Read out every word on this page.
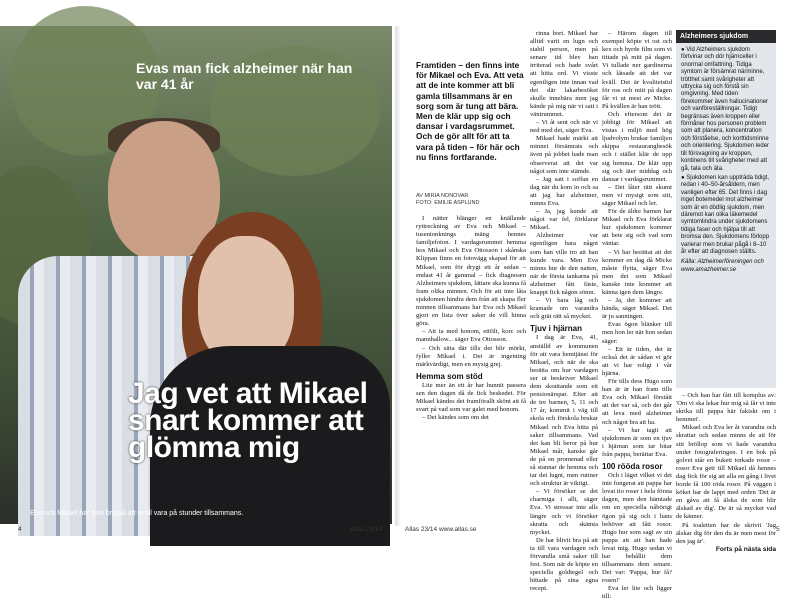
Evas man fick alzheimer när han var 41 år
Jag vet att Mikael snart kommer att glömma mig
Eva och Mikael har bivit bra på att ta till vara på stunder tillsammans.
AV MIRIA NONOVAR
FOTO: EMILIE ASPLUND
Framtiden – den finns inte för Mikael och Eva. Att veta att de inte kommer att bli gamla tillsammans är en sorg som är tung att bära. Men de klär upp sig och dansar i vardagsrummet. Och de gör allt för att ta vara på tiden – för här och nu finns fortfarande.

I nätter blänger en knällande ryttreckning av Eva och Mikael – tusentonknings mäng hennes familjefoton. I vardagsrummet hemma hos Mikael och Eva Ottosson i skånska Klippan finns en fotovägg skapad för att Mikael, som för drygt ett år sedan – endast 41 år gammal – fick diagnosen Alzheimers sjukdom, lättare ska kunna få fram olika minnen. Och för att inte låta sjukdomen hindra dem från att skapa fler minnen tillsammans har Eva och Mikael gjort en lista över saker de vill hinna göra.

– Att ta med honom, ettfilt, korc och mannhallow... säger Eva Ottosson.

– Och sitta där tills det blir mörkt, fyller Mikael i. Det är ingenting märkvärdigt, men en mysig grej.

Hemma som stöd

Lite mer än ett år har hunnit passera sen den dagen då de fick beskedet. För Mikael kändes det framförallt skönt att få svart på vad som var galet med honom.

– Det kändes som om det

rinna bort. Mikael har alltid varit en lugn och stabil person, men på senare tid blev han irriterad och hade svårt att hitta ord. Vi visste egentligen inte innan vad det där lakarbesöket skulle innebära men jag kände på mig när vi satt i väntrummet.

– Vi åt sent och när vi ned med det, säger Eva.

Mikael hade märkt att minnet försämrats och även på jobbet hade man observerat att det var något som inte stämde.

– Jag satt i soffan en dag när du kom in och sa att jag har alzheimer, minns Eva.

– Ja, jag kunde att något var fel, förklarar Mikael.

Alzheimer var egentligen bara något som han ville tro att han kunde vara. Men Eva minns hur de den natten, när de första tankarna på alzheimer fått fäste, knappt fick någon sömn.

– Vi bara låg och kramade om varandra och grät rätt så mycket.

Tjuv i hjärnan

I dag är Eva, 41, anställd av kommunen för att vara hemtjänst för Mikael, och när de ska berätta om hur vardagen ser ut beskriver Mikael dem skrattande som ett pensionärspar. Efter att de tre barnen, 5, 11 och 17 år, kommit i väg till skola och förskola brukar Mikael och Eva hitta på saker tillsammans. Vad det kan bli beror på hur Mikael mår, kanske går de på en promenad eller så stannar de hemma och tar det lugnt, men rutiner och struktur är viktigt.

– Vi försöker se det charmiga i allt, säger Eva. Vi stressar inte alls längre och vi försöker skratta och skämta mycket.

De har blivit bra på att ta till vara vardagen och förvandla små saker till fest. Som när de köpte en speciella goldtegel och hittade på sina egna recept.

– Härom dagen till exempel köpte vi ost och kex och hyrde film som vi tittade på mitt på dagen. Vi tullade ner gardinerna och låtsade att det var kväll. Det är kvalitetstid för oss och mitt på dagen får vi ut mest av Micke. På kvällen är han trött.

Och eftersom det är jobbigt för Mikael att vistas i miljö med hög ljudvolym brukar familjen skippa restaurangbesök och i stället klär de upp sig hemma. De klär upp sig och äter middag och dansar i vardagsrummet.

– Det låter rätt skumt men vi mysigt som sitt, säger Mikael och ler.

För de äldre barnen har Mikael och Eva förklarat hur sjukdomen kommer att bete sig och vad som väntar.

– Vi har berättat att det kommer en dag då Micke måste flytta, säger Eva men det som Mikael kanske inte kommer att känna igen dem längre.

– Ja, det kommer att hända, säger Mikael. Det är ju sanningen.

Evas ögon blänker till men hon ler när hon sedan säger:

– Ett är tiden, det är också det är sådan vi gör att vi har roligt i vår hjärna.

För tills dess Hugo som han är är han fram tills Eva och Mikael förstått att det var så, och det går att leva med alzheimer och något bra att ha.

– Vi har tagit att sjukdomen är som en tjuv i hjärnan som tar bitar från pappa, berättar Eva.

100 rööda rosor

Och i läget vilket vi det inte fungerat att pappa har lovat tio roser i hela första dagen, men den hämtade om en speciella nåbörigt ögon på sig och i hans behöver att fått rosor. Hugo hur som sagt av sin pappa att att han hade lovat mig. Hugo sedan vi har behållit dem tillsammans dem senare. Det var: 'Pappa, hur få? rosen!'

Eva ler lite och ligger till:

– Och han har fått till komplus av: 'Om vi ska lekar hur mig så får vi inte skrika till pappa här fakiskt om i hemmet'.

Mikael och Eva ler åt varandra och skrattar och sedan minns de att för sitt bröllop som vi hade varandra under fotograferingen. I en bok på golvet står en bukett torkade rosor – rosor Eva gett till Mikael då hennes dag fick för sig att alla en gång i livet borde få 100 röda rosor. På väggen i köket har de lappt med orden 'Det är en gåva att få älska de som blir älskad av dig'. De är så mycket vad de känner.

På toaletten har de skrivit 'Jag älskar dig för den du är men mest för den jag är'.

Forts på nästa sida
Alzheimers sjukdom

● Vid Alzheimers sjukdom förtvinar och dör hjärnceller i onormal omfattning. Tidiga symtom är försämrat närminne, trötthet samt svårigheter att uttrycka sig och förstå sin omgivning. Med tiden förekommer även hallucinationer och vanföreställningar. Tidigt begränsas även kroppen eller förmåner hos personen problem som att planera, koncentration och förståelse, och korttidsminne och orientering. Sjukdomen leder till försvagning av kroppen, kontinens till svårigheter med att gå, tala och äta.

● Sjukdomen kan uppträda tidigt, redan i 40–50-årsåldern, men vanligen efter 65. Det finns i dag inget botemedel mot alzheimer som är en dödlig sjukdom, men däremot kan olika läkemedel symtomlindra under sjukdomens tidiga faser och hjälpa till att bromsa den. Sjukdomens förlopp varierar men brukar pågå i 8–10 år efter att diagnosen ställts.

Källa: Alzheimerföreningen och www.amazheimer.se
4	Allas 23/14	Allas 23/14 www.allas.se	5
